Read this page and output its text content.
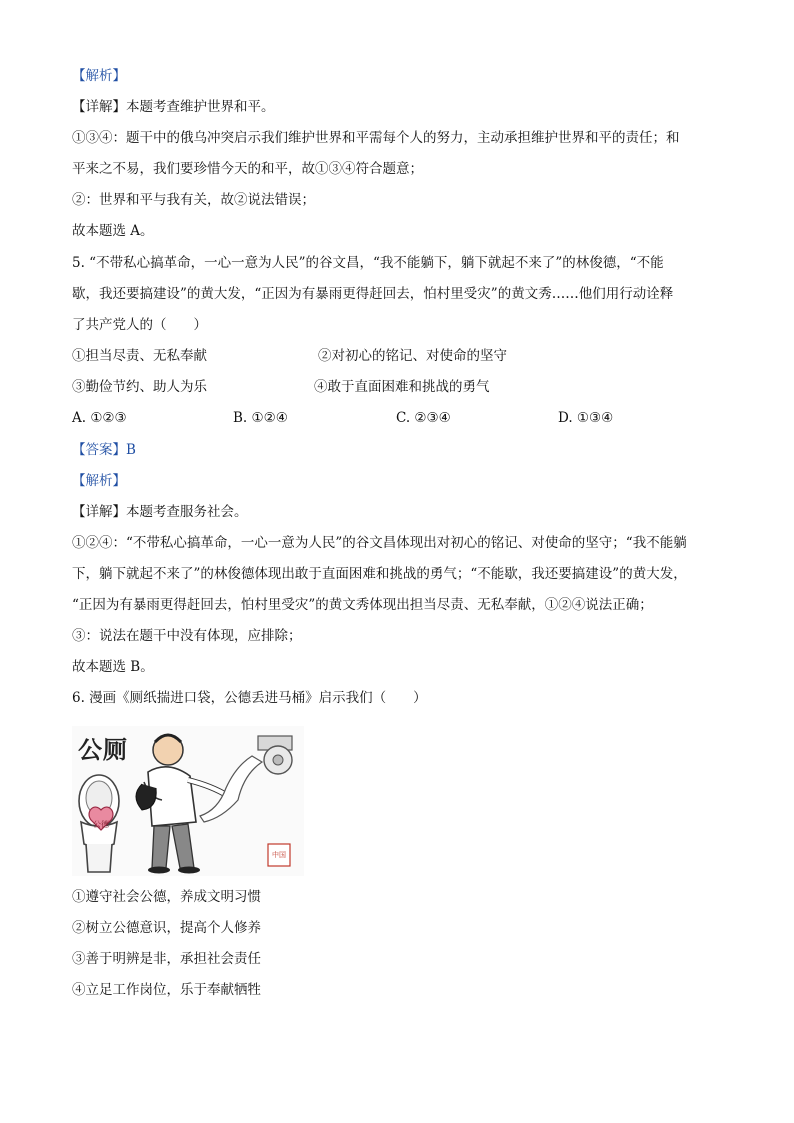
【解析】
【详解】本题考查维护世界和平。
①③④：题干中的俄乌冲突启示我们维护世界和平需每个人的努力，主动承担维护世界和平的责任；和
平来之不易，我们要珍惜今天的和平，故①③④符合题意；
②：世界和平与我有关，故②说法错误；
故本题选 A。
5. “不带私心搞革命，一心一意为人民”的谷文昌，“我不能躺下，躺下就起不来了”的林俊德，“不能
歇，我还要搞建设”的黄大发，“正因为有暴雨更得赶回去，怕村里受灾”的黄文秀……他们用行动诠释
了共产党人的（　　）
①担当尽责、无私奉献	②对初心的铭记、对使命的坚守
③勤俭节约、助人为乐	④敢于直面困难和挑战的勇气
A. ①②③	B. ①②④	C. ②③④	D. ①③④
【答案】B
【解析】
【详解】本题考查服务社会。
①②④：“不带私心搞革命，一心一意为人民”的谷文昌体现出对初心的铭记、对使命的坚守；“我不能躺
下，躺下就起不来了”的林俊德体现出敢于直面困难和挑战的勇气；“不能歇，我还要搞建设”的黄大发，
“正因为有暴雨更得赶回去，怕村里受灾”的黄文秀体现出担当尽责、无私奉献，①②④说法正确；
③：说法在题干中没有体现，应排除；
故本题选 B。
6. 漫画《厕纸揣进口袋，公德丢进马桶》启示我们（　　）
公厕
公德
中国
①遵守社会公德，养成文明习惯
②树立公德意识，提高个人修养
③善于明辨是非，承担社会责任
④立足工作岗位，乐于奉献牺牲
